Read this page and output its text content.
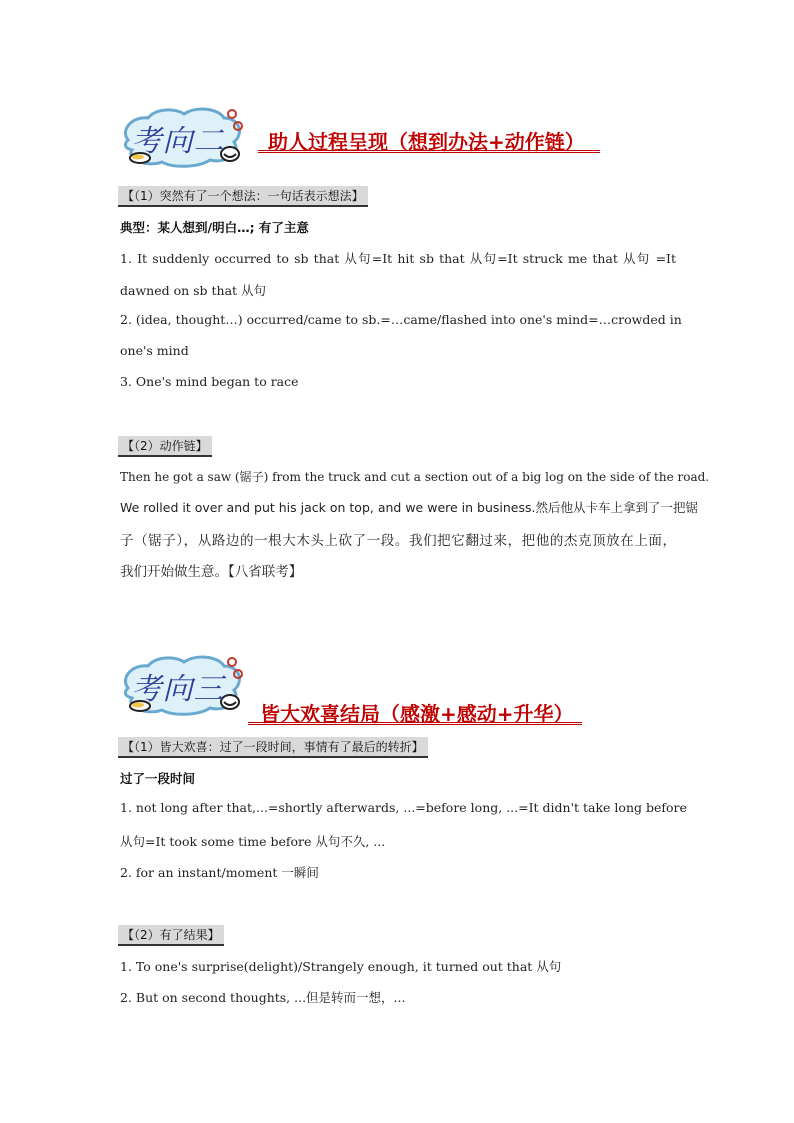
考向二	助人过程呈现（想到办法+动作链）
【（1）突然有了一个想法：一句话表示想法】
典型：某人想到/明白…; 有了主意
1. It suddenly occurred to sb that 从句=It hit sb that 从句=It struck me that 从句 =It
dawned on sb that 从句
2. (idea, thought…) occurred/came to sb.=…came/flashed into one's mind=…crowded in
one's mind
3. One's mind began to race
【（2）动作链】
Then he got a saw (锯子) from the truck and cut a section out of a big log on the side of the road.
We rolled it over and put his jack on top, and we were in business.然后他从卡车上拿到了一把锯
子（锯子），从路边的一根大木头上砍了一段。我们把它翻过来，把他的杰克顶放在上面，
我们开始做生意。【八省联考】
考向三
皆大欢喜结局（感激+感动+升华）
【（1）皆大欢喜：过了一段时间，事情有了最后的转折】
过了一段时间
1. not long after that,...=shortly afterwards, ...=before long, ...=It didn't take long before
从句=It took some time before 从句不久, ...
2. for an instant/moment 一瞬间
【（2）有了结果】
1. To one's surprise(delight)/Strangely enough, it turned out that 从句
2. But on second thoughts, ...但是转而一想，...
